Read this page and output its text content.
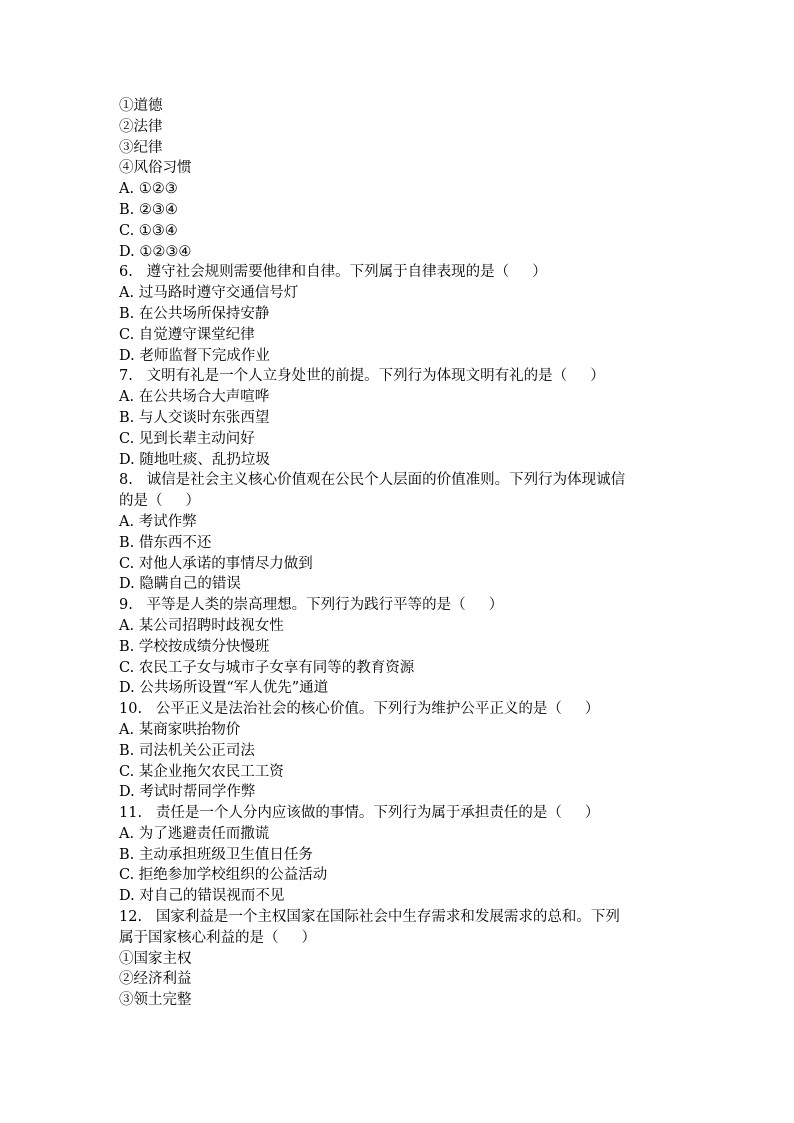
①道德
②法律
③纪律
④风俗习惯
A. ①②③
B. ②③④
C. ①③④
D. ①②③④
6.   遵守社会规则需要他律和自律。下列属于自律表现的是（     ）
A. 过马路时遵守交通信号灯
B. 在公共场所保持安静
C. 自觉遵守课堂纪律
D. 老师监督下完成作业
7.   文明有礼是一个人立身处世的前提。下列行为体现文明有礼的是（     ）
A. 在公共场合大声喧哗
B. 与人交谈时东张西望
C. 见到长辈主动问好
D. 随地吐痰、乱扔垃圾
8.   诚信是社会主义核心价值观在公民个人层面的价值准则。下列行为体现诚信
的是（     ）
A. 考试作弊
B. 借东西不还
C. 对他人承诺的事情尽力做到
D. 隐瞒自己的错误
9.   平等是人类的崇高理想。下列行为践行平等的是（     ）
A. 某公司招聘时歧视女性
B. 学校按成绩分快慢班
C. 农民工子女与城市子女享有同等的教育资源
D. 公共场所设置“军人优先”通道
10.   公平正义是法治社会的核心价值。下列行为维护公平正义的是（     ）
A. 某商家哄抬物价
B. 司法机关公正司法
C. 某企业拖欠农民工工资
D. 考试时帮同学作弊
11.   责任是一个人分内应该做的事情。下列行为属于承担责任的是（     ）
A. 为了逃避责任而撒谎
B. 主动承担班级卫生值日任务
C. 拒绝参加学校组织的公益活动
D. 对自己的错误视而不见
12.   国家利益是一个主权国家在国际社会中生存需求和发展需求的总和。下列
属于国家核心利益的是（     ）
①国家主权
②经济利益
③领土完整
